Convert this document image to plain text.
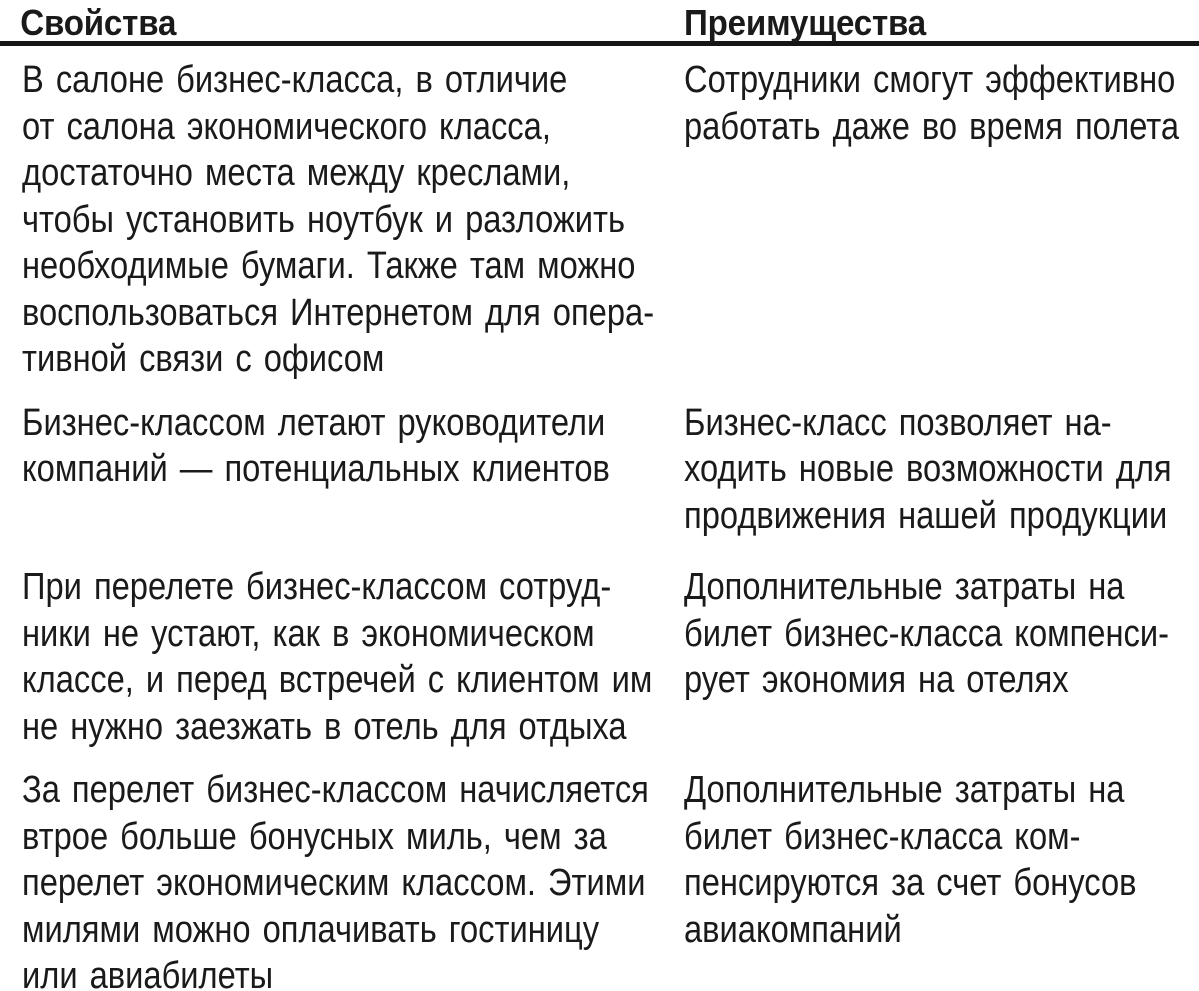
Свойства	Преимущества
В салоне бизнес-класса, в отличие
от салона экономического класса,
достаточно места между креслами,
чтобы установить ноутбук и разложить
необходимые бумаги. Также там можно
воспользоваться Интернетом для опера-
тивной связи с офисом
Сотрудники смогут эффективно
работать даже во время полета
Бизнес-классом летают руководители
компаний — потенциальных клиентов
Бизнес-класс позволяет на-
ходить новые возможности для
продвижения нашей продукции
При перелете бизнес-классом сотруд-
ники не устают, как в экономическом
классе, и перед встречей с клиентом им
не нужно заезжать в отель для отдыха
Дополнительные затраты на
билет бизнес-класса компенси-
рует экономия на отелях
За перелет бизнес-классом начисляется
втрое больше бонусных миль, чем за
перелет экономическим классом. Этими
милями можно оплачивать гостиницу
или авиабилеты
Дополнительные затраты на
билет бизнес-класса ком-
пенсируются за счет бонусов
авиакомпаний
